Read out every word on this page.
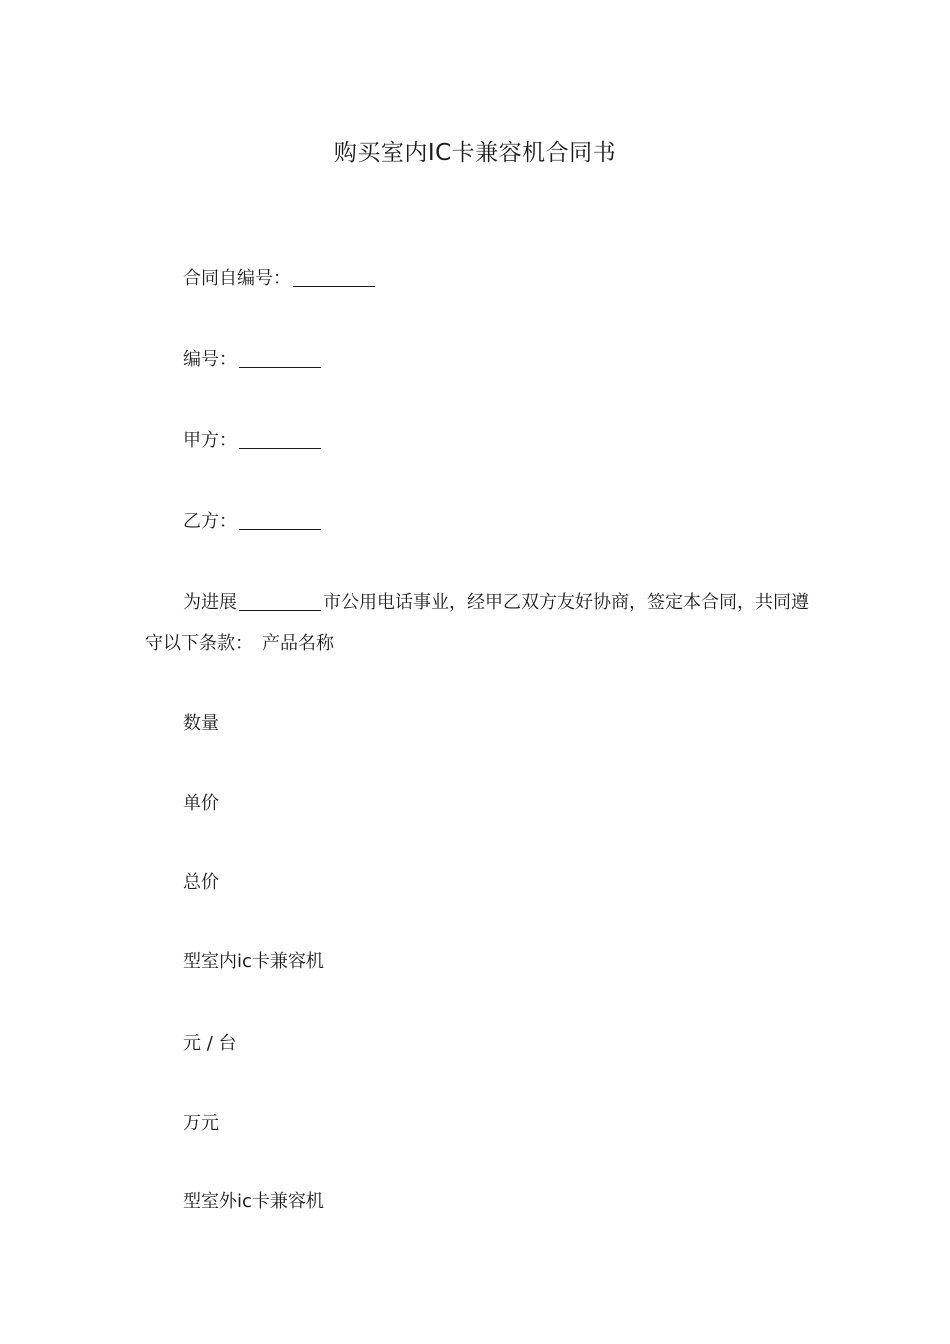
购买室内IC卡兼容机合同书
合同自编号：
编号：
甲方：
乙方：
为进展	市公用电话事业，经甲乙双方友好协商，签定本合同，共同遵守以下条款：　 产品名称
数量
单价
总价
型室内ic卡兼容机
元 / 台
万元
型室外ic卡兼容机
